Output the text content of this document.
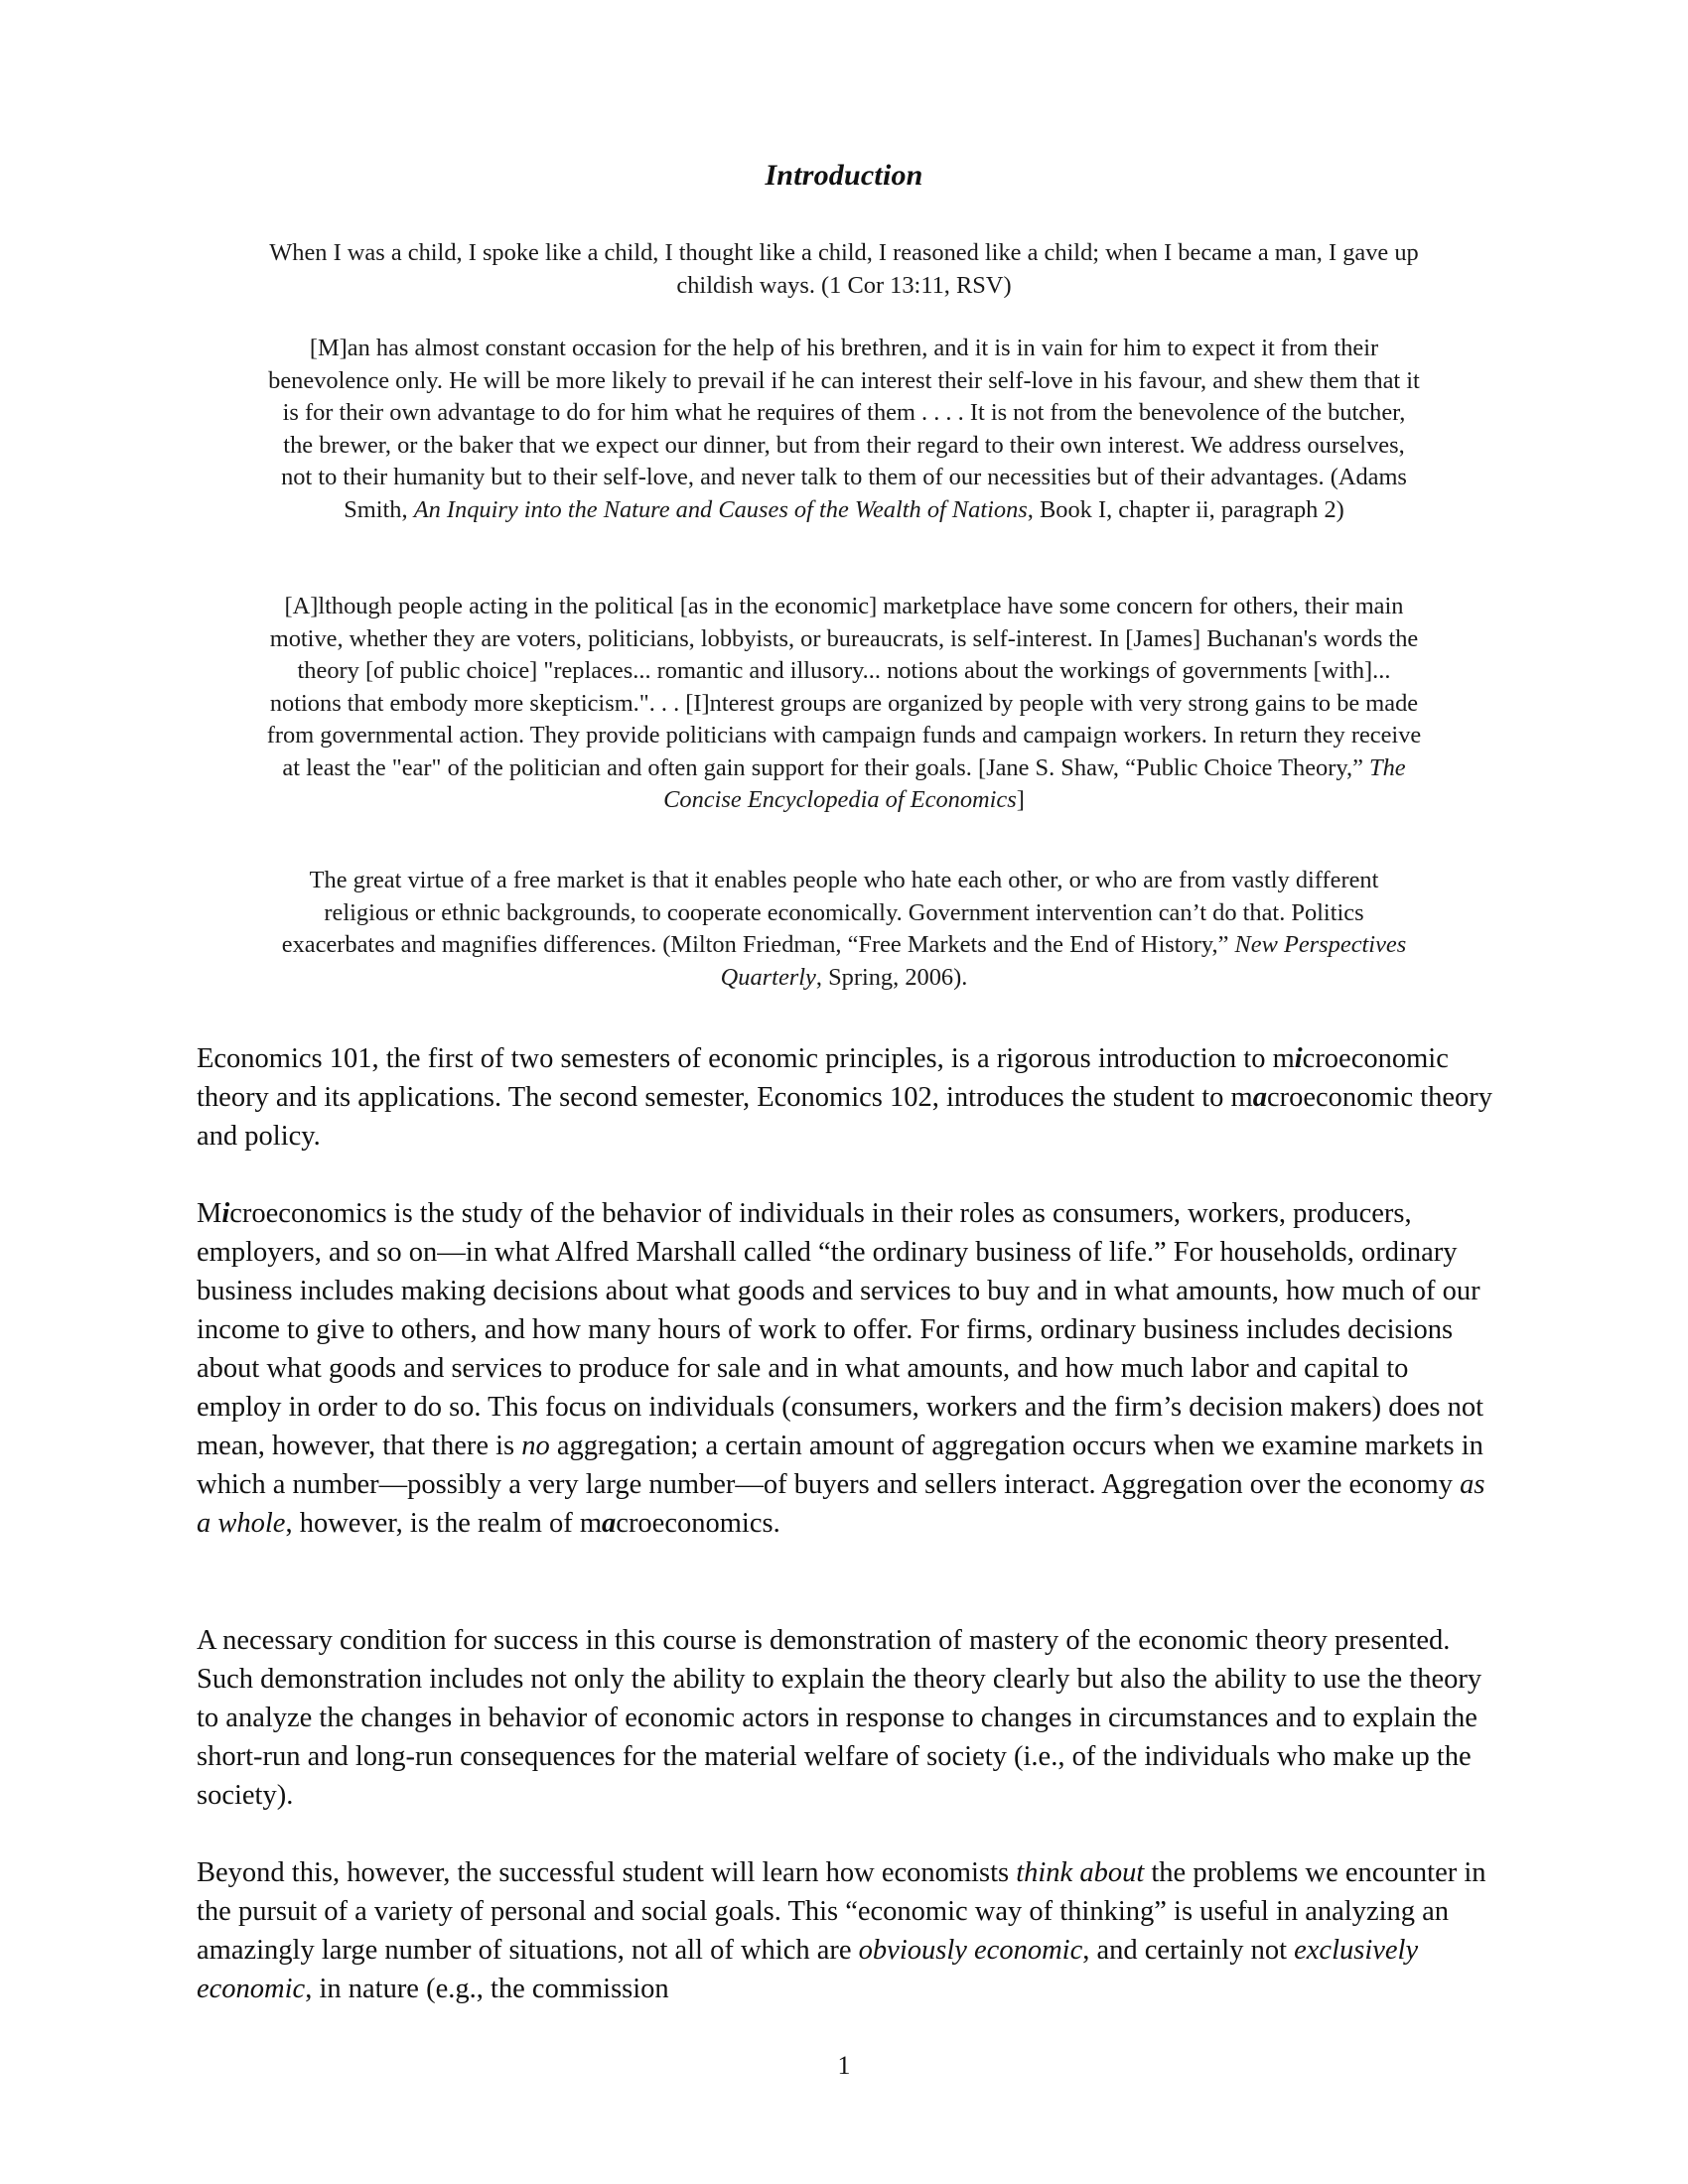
Introduction
When I was a child, I spoke like a child, I thought like a child, I reasoned like a child; when I became a man, I gave up childish ways. (1 Cor 13:11, RSV)
[M]an has almost constant occasion for the help of his brethren, and it is in vain for him to expect it from their benevolence only. He will be more likely to prevail if he can interest their self-love in his favour, and shew them that it is for their own advantage to do for him what he requires of them . . . . It is not from the benevolence of the butcher, the brewer, or the baker that we expect our dinner, but from their regard to their own interest. We address ourselves, not to their humanity but to their self-love, and never talk to them of our necessities but of their advantages. (Adams Smith, An Inquiry into the Nature and Causes of the Wealth of Nations, Book I, chapter ii, paragraph 2)
[A]lthough people acting in the political [as in the economic] marketplace have some concern for others, their main motive, whether they are voters, politicians, lobbyists, or bureaucrats, is self-interest. In [James] Buchanan's words the theory [of public choice] "replaces... romantic and illusory... notions about the workings of governments [with]... notions that embody more skepticism.". . . [I]nterest groups are organized by people with very strong gains to be made from governmental action. They provide politicians with campaign funds and campaign workers. In return they receive at least the "ear" of the politician and often gain support for their goals. [Jane S. Shaw, “Public Choice Theory,” The Concise Encyclopedia of Economics]
The great virtue of a free market is that it enables people who hate each other, or who are from vastly different religious or ethnic backgrounds, to cooperate economically. Government intervention can’t do that. Politics exacerbates and magnifies differences. (Milton Friedman, “Free Markets and the End of History,” New Perspectives Quarterly, Spring, 2006).
Economics 101, the first of two semesters of economic principles, is a rigorous introduction to microeconomic theory and its applications. The second semester, Economics 102, introduces the student to macroeconomic theory and policy.
Microeconomics is the study of the behavior of individuals in their roles as consumers, workers, producers, employers, and so on—in what Alfred Marshall called “the ordinary business of life.” For households, ordinary business includes making decisions about what goods and services to buy and in what amounts, how much of our income to give to others, and how many hours of work to offer. For firms, ordinary business includes decisions about what goods and services to produce for sale and in what amounts, and how much labor and capital to employ in order to do so. This focus on individuals (consumers, workers and the firm’s decision makers) does not mean, however, that there is no aggregation; a certain amount of aggregation occurs when we examine markets in which a number—possibly a very large number—of buyers and sellers interact. Aggregation over the economy as a whole, however, is the realm of macroeconomics.
A necessary condition for success in this course is demonstration of mastery of the economic theory presented. Such demonstration includes not only the ability to explain the theory clearly but also the ability to use the theory to analyze the changes in behavior of economic actors in response to changes in circumstances and to explain the short-run and long-run consequences for the material welfare of society (i.e., of the individuals who make up the society).
Beyond this, however, the successful student will learn how economists think about the problems we encounter in the pursuit of a variety of personal and social goals. This “economic way of thinking” is useful in analyzing an amazingly large number of situations, not all of which are obviously economic, and certainly not exclusively economic, in nature (e.g., the commission
1
